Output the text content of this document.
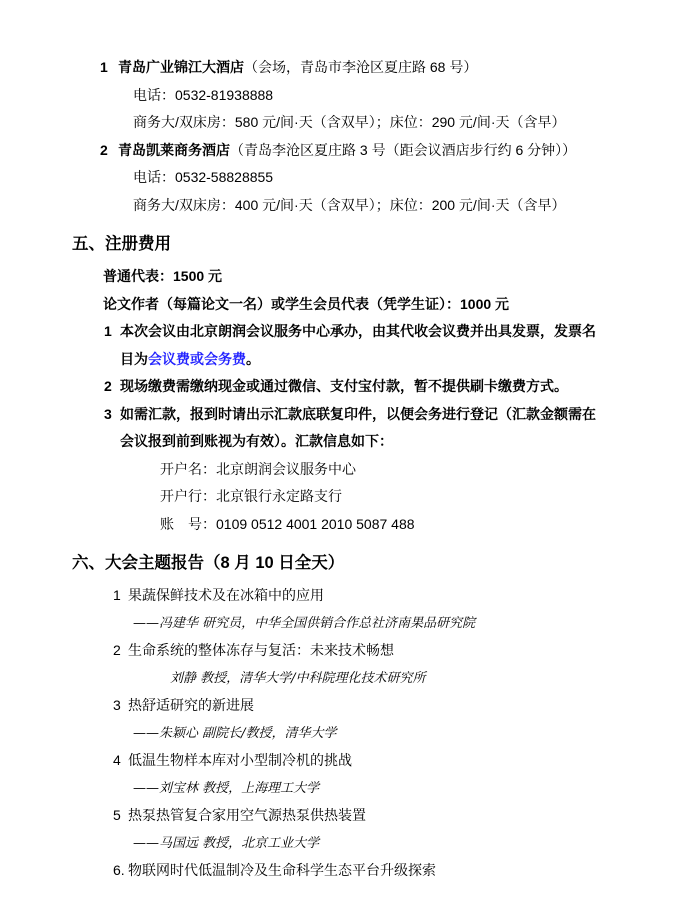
1 青岛广业锦江大酒店（会场，青岛市李沧区夏庄路 68 号）
电话：0532-81938888
商务大/双床房：580 元/间·天（含双早）；床位：290 元/间·天（含早）
2 青岛凯莱商务酒店（青岛李沧区夏庄路 3 号（距会议酒店步行约 6 分钟））
电话：0532-58828855
商务大/双床房：400 元/间·天（含双早）；床位：200 元/间·天（含早）
五、注册费用
普通代表：1500 元
论文作者（每篇论文一名）或学生会员代表（凭学生证）：1000 元
1 本次会议由北京朗润会议服务中心承办，由其代收会议费并出具发票，发票名目为会议费或会务费。
2 现场缴费需缴纳现金或通过微信、支付宝付款，暂不提供刷卡缴费方式。
3 如需汇款，报到时请出示汇款底联复印件，以便会务进行登记（汇款金额需在会议报到前到账视为有效）。汇款信息如下：
开户名：北京朗润会议服务中心
开户行：北京银行永定路支行
账　号：0109 0512 4001 2010 5087 488
六、大会主题报告（8 月 10 日全天）
1 果蔬保鲜技术及在冰箱中的应用
——冯建华 研究员，中华全国供销合作总社济南果品研究院
2 生命系统的整体冻存与复活：未来技术畅想
刘静 教授，清华大学/中科院理化技术研究所
3 热舒适研究的新进展
——朱颖心 副院长/教授，清华大学
4 低温生物样本库对小型制冷机的挑战
——刘宝林 教授，上海理工大学
5 热泵热管复合家用空气源热泵供热装置
——马国远 教授，北京工业大学
6. 物联网时代低温制冷及生命科学生态平台升级探索
